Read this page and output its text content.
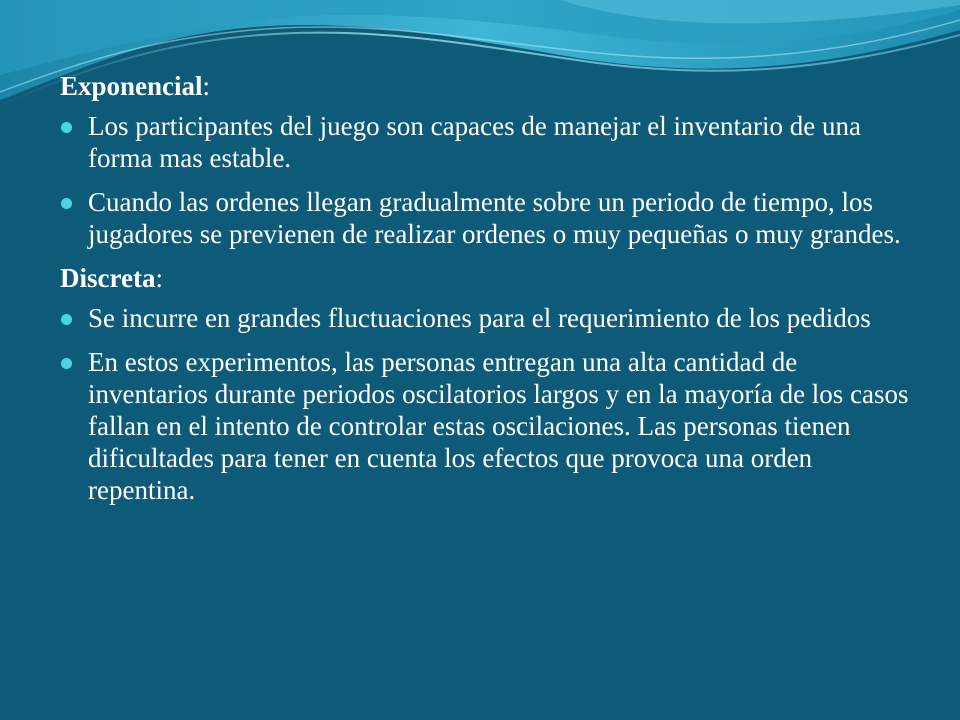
Exponencial:
Los participantes del juego son capaces de manejar el inventario de una forma mas estable.
Cuando las ordenes llegan gradualmente sobre un periodo de tiempo, los jugadores se previenen de realizar ordenes o muy pequeñas o muy grandes.
Discreta:
Se incurre en grandes fluctuaciones para el requerimiento de los pedidos
En estos experimentos, las personas entregan una alta cantidad de inventarios durante periodos oscilatorios largos y en la mayoría de los casos fallan en el intento de controlar estas oscilaciones. Las personas tienen dificultades para tener en cuenta los efectos que provoca una orden repentina.
